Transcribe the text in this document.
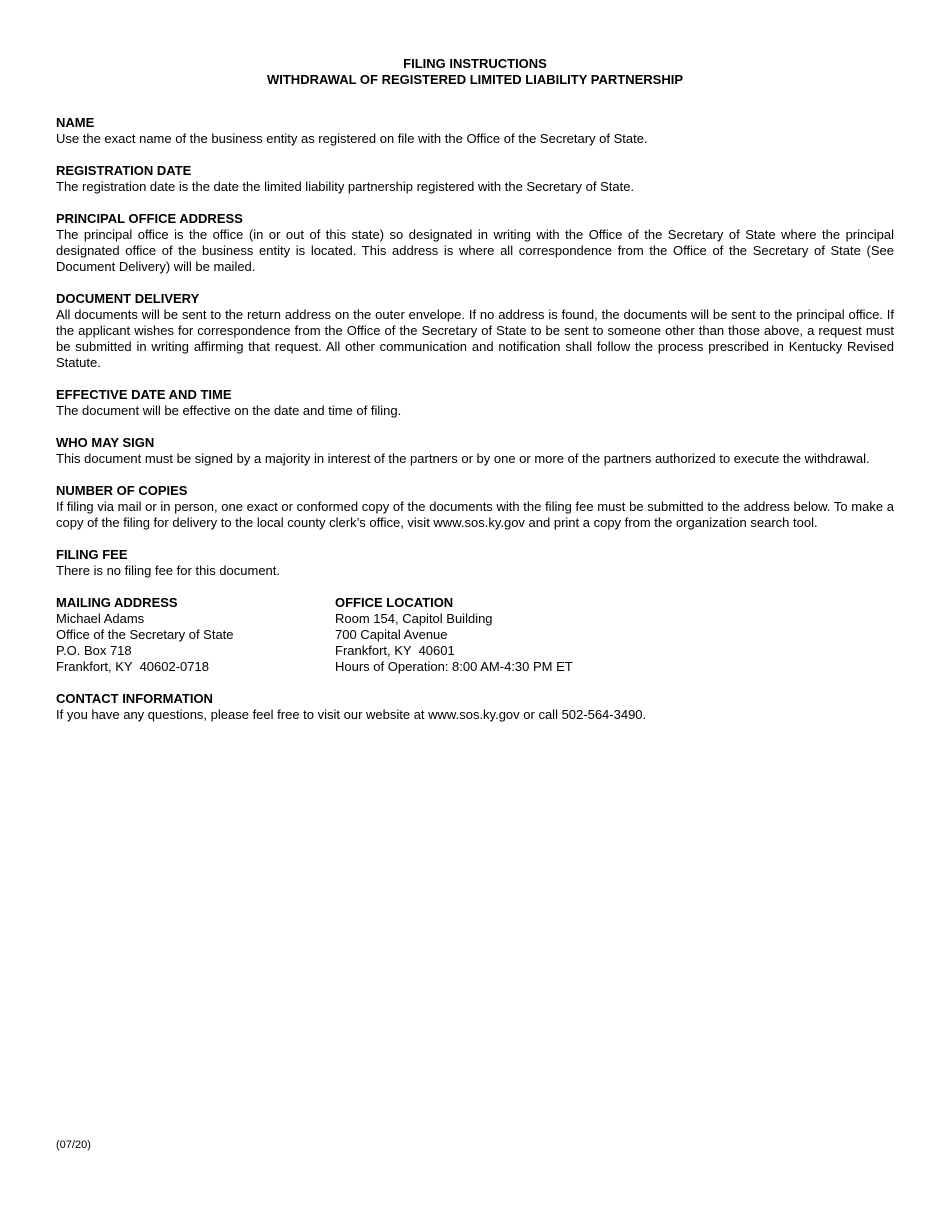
FILING INSTRUCTIONS
WITHDRAWAL OF REGISTERED LIMITED LIABILITY PARTNERSHIP

NAME

Use the exact name of the business entity as registered on file with the Office of the Secretary of State.

REGISTRATION DATE

The registration date is the date the limited liability partnership registered with the Secretary of State.

PRINCIPAL OFFICE ADDRESS

The principal office is the office (in or out of this state) so designated in writing with the Office of the Secretary of State where the principal designated office of the business entity is located. This address is where all correspondence from the Office of the Secretary of State (See Document Delivery) will be mailed.

DOCUMENT DELIVERY

All documents will be sent to the return address on the outer envelope. If no address is found, the documents will be sent to the principal office. If the applicant wishes for correspondence from the Office of the Secretary of State to be sent to someone other than those above, a request must be submitted in writing affirming that request. All other communication and notification shall follow the process prescribed in Kentucky Revised Statute.

EFFECTIVE DATE AND TIME

The document will be effective on the date and time of filing.

WHO MAY SIGN

This document must be signed by a majority in interest of the partners or by one or more of the partners authorized to execute the withdrawal.

NUMBER OF COPIES

If filing via mail or in person, one exact or conformed copy of the documents with the filing fee must be submitted to the address below. To make a copy of the filing for delivery to the local county clerk’s office, visit www.sos.ky.gov and print a copy from the organization search tool.

FILING FEE

There is no filing fee for this document.

MAILING ADDRESS

Michael Adams

Office of the Secretary of State

P.O. Box 718

Frankfort, KY  40602-0718

OFFICE LOCATION

Room 154, Capitol Building

700 Capital Avenue

Frankfort, KY  40601

Hours of Operation: 8:00 AM-4:30 PM ET

CONTACT INFORMATION

If you have any questions, please feel free to visit our website at www.sos.ky.gov or call 502-564-3490.

(07/20)
